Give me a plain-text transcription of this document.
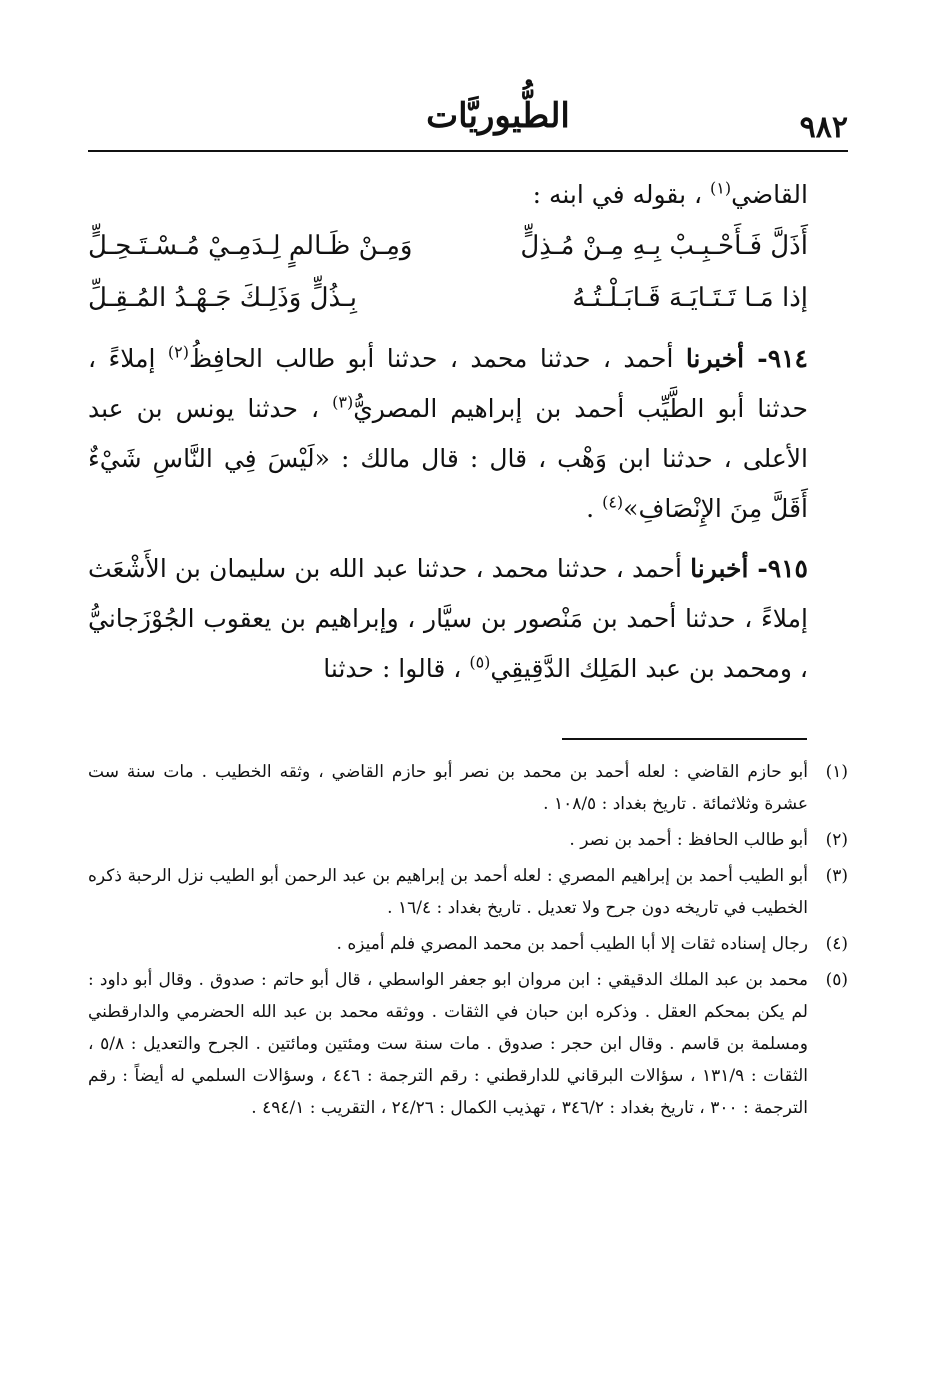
٩٨٢
الطُّيوريَّات

القاضي$^{(١)}$ ، بقوله في ابنه :

أَذَلَّ فَـأَحْـبِـبْ بِـهِ مِـنْ مُـذِلٍّ
وَمِـنْ ظَـالمٍ لِـدَمِـيْ مُـسْـتَـحِـلٍّ
إذا مَـا تَـتَـايَـهَ قَـابَـلْـتُـهُ
بِـذُلٍّ وَذَلِـكَ جَـهْـدُ المُـقِـلِّ

٩١٤- أخبرنا أحمد ، حدثنا محمد ، حدثنا أبو طالب الحافِظُ$^{(٢)}$ إملاءً ، حدثنا أبو الطَّيِّب أحمد بن إبراهيم المصريُّ$^{(٣)}$ ، حدثنا يونس بن عبد الأعلى ، حدثنا ابن وَهْب ، قال : قال مالك : «لَيْسَ فِي النَّاسِ شَيْءٌ أَقَلَّ مِنَ الإِنْصَافِ»$^{(٤)}$ .

٩١٥- أخبرنا أحمد ، حدثنا محمد ، حدثنا عبد الله بن سليمان بن الأَشْعَث إملاءً ، حدثنا أحمد بن مَنْصور بن سيَّار ، وإبراهيم بن يعقوب الجُوْزَجانيُّ ، ومحمد بن عبد المَلِك الدَّقِيقِي$^{(٥)}$ ، قالوا : حدثنا

(١)
أبو حازم القاضي : لعله أحمد بن محمد بن نصر أبو حازم القاضي ، وثقه الخطيب . مات سنة ست عشرة وثلاثمائة . تاريخ بغداد : ١٠٨/٥ .
(٢)
أبو طالب الحافظ : أحمد بن نصر .
(٣)
أبو الطيب أحمد بن إبراهيم المصري : لعله أحمد بن إبراهيم بن عبد الرحمن أبو الطيب نزل الرحبة ذكره الخطيب في تاريخه دون جرح ولا تعديل . تاريخ بغداد : ١٦/٤ .
(٤)
رجال إسناده ثقات إلا أبا الطيب أحمد بن محمد المصري فلم أميزه .
(٥)
محمد بن عبد الملك الدقيقي : ابن مروان ابو جعفر الواسطي ، قال أبو حاتم : صدوق . وقال أبو داود : لم يكن بمحكم العقل . وذكره ابن حبان في الثقات . ووثقه محمد بن عبد الله الحضرمي والدارقطني ومسلمة بن قاسم . وقال ابن حجر : صدوق . مات سنة ست ومئتين ومائتين . الجرح والتعديل : ٥/٨ ، الثقات : ١٣١/٩ ، سؤالات البرقاني للدارقطني : رقم الترجمة : ٤٤٦ ، وسؤالات السلمي له أيضاً : رقم الترجمة : ٣٠٠ ، تاريخ بغداد : ٣٤٦/٢ ، تهذيب الكمال : ٢٤/٢٦ ، التقريب : ٤٩٤/١ .
